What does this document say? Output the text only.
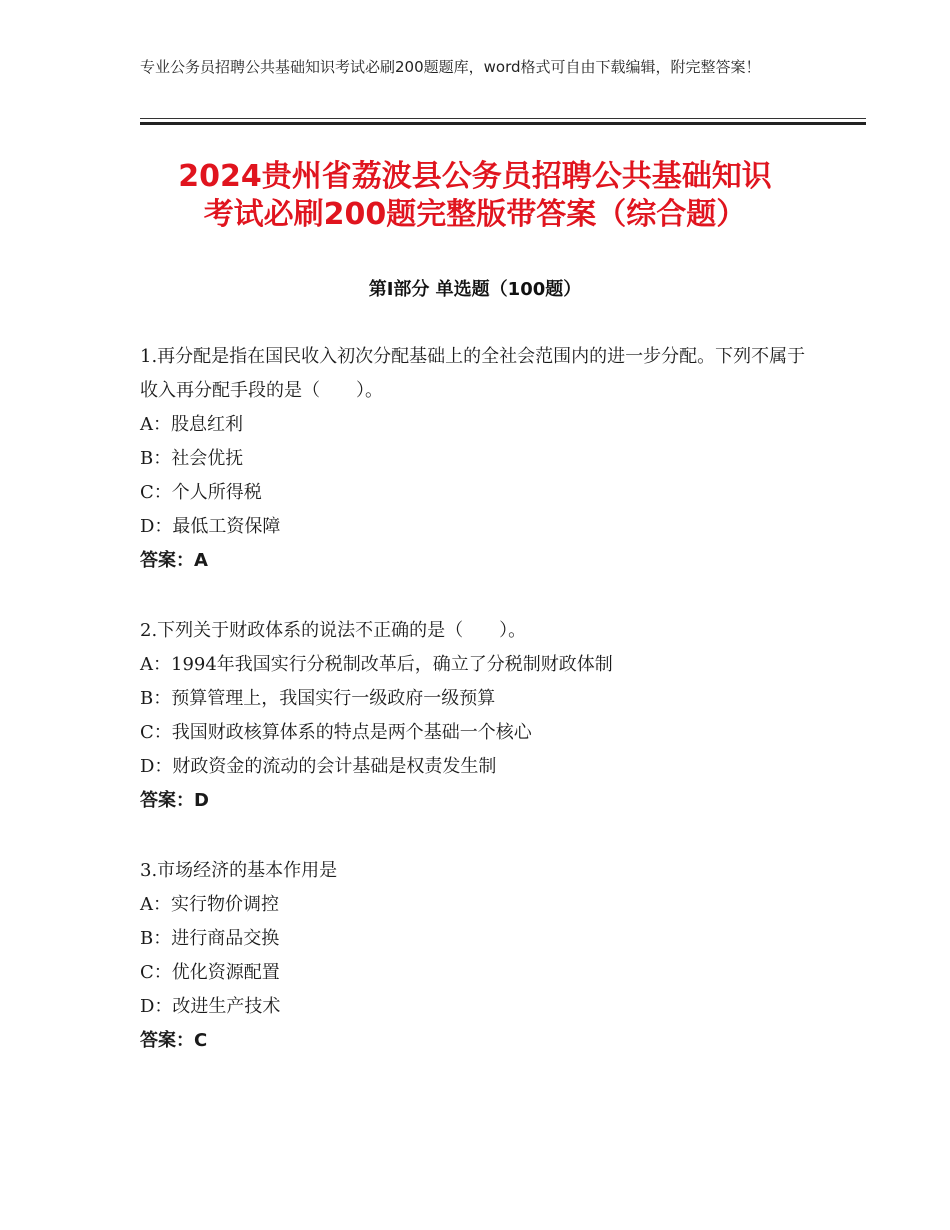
专业公务员招聘公共基础知识考试必刷200题题库，word格式可自由下载编辑，附完整答案！
2024贵州省荔波县公务员招聘公共基础知识
考试必刷200题完整版带答案（综合题）
第Ⅰ部分 单选题（100题）

1.再分配是指在国民收入初次分配基础上的全社会范围内的进一步分配。下列不属于收入再分配手段的是（　　）。

A：股息红利

B：社会优抚

C：个人所得税

D：最低工资保障

答案：A

2.下列关于财政体系的说法不正确的是（　　）。

A：1994年我国实行分税制改革后，确立了分税制财政体制

B：预算管理上，我国实行一级政府一级预算

C：我国财政核算体系的特点是两个基础一个核心

D：财政资金的流动的会计基础是权责发生制

答案：D

3.市场经济的基本作用是

A：实行物价调控

B：进行商品交换

C：优化资源配置

D：改进生产技术

答案：C
